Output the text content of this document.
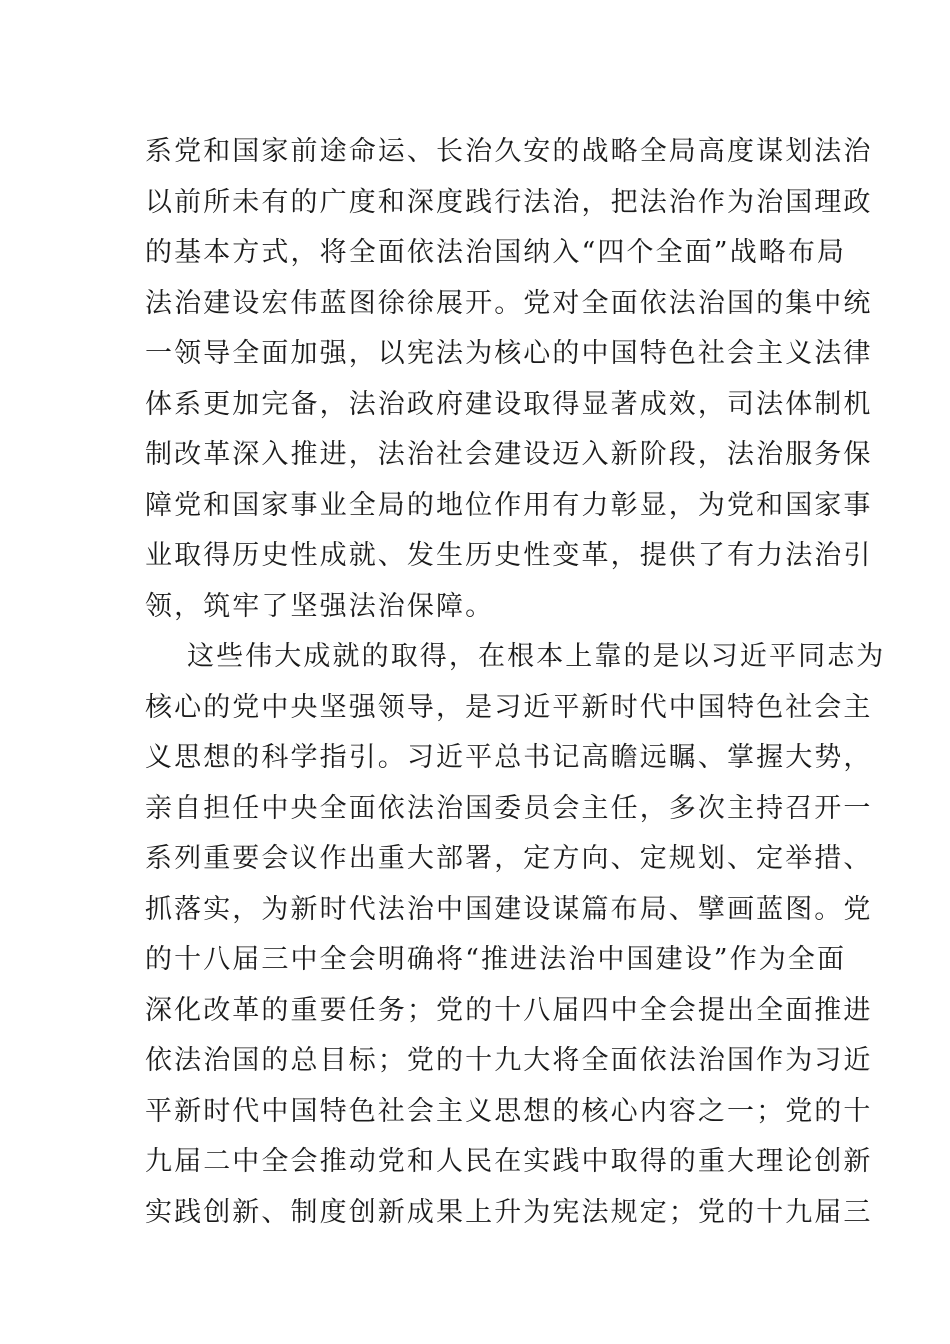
系党和国家前途命运、长治久安的战略全局高度谋划法治
以前所未有的广度和深度践行法治，把法治作为治国理政
的基本方式，将全面依法治国纳入“四个全面”战略布局
法治建设宏伟蓝图徐徐展开。党对全面依法治国的集中统
一领导全面加强，以宪法为核心的中国特色社会主义法律
体系更加完备，法治政府建设取得显著成效，司法体制机
制改革深入推进，法治社会建设迈入新阶段，法治服务保
障党和国家事业全局的地位作用有力彰显，为党和国家事
业取得历史性成就、发生历史性变革，提供了有力法治引
领，筑牢了坚强法治保障。
这些伟大成就的取得，在根本上靠的是以习近平同志为
核心的党中央坚强领导，是习近平新时代中国特色社会主
义思想的科学指引。习近平总书记高瞻远瞩、掌握大势，
亲自担任中央全面依法治国委员会主任，多次主持召开一
系列重要会议作出重大部署，定方向、定规划、定举措、
抓落实，为新时代法治中国建设谋篇布局、擘画蓝图。党
的十八届三中全会明确将“推进法治中国建设”作为全面
深化改革的重要任务；党的十八届四中全会提出全面推进
依法治国的总目标；党的十九大将全面依法治国作为习近
平新时代中国特色社会主义思想的核心内容之一；党的十
九届二中全会推动党和人民在实践中取得的重大理论创新
实践创新、制度创新成果上升为宪法规定；党的十九届三
